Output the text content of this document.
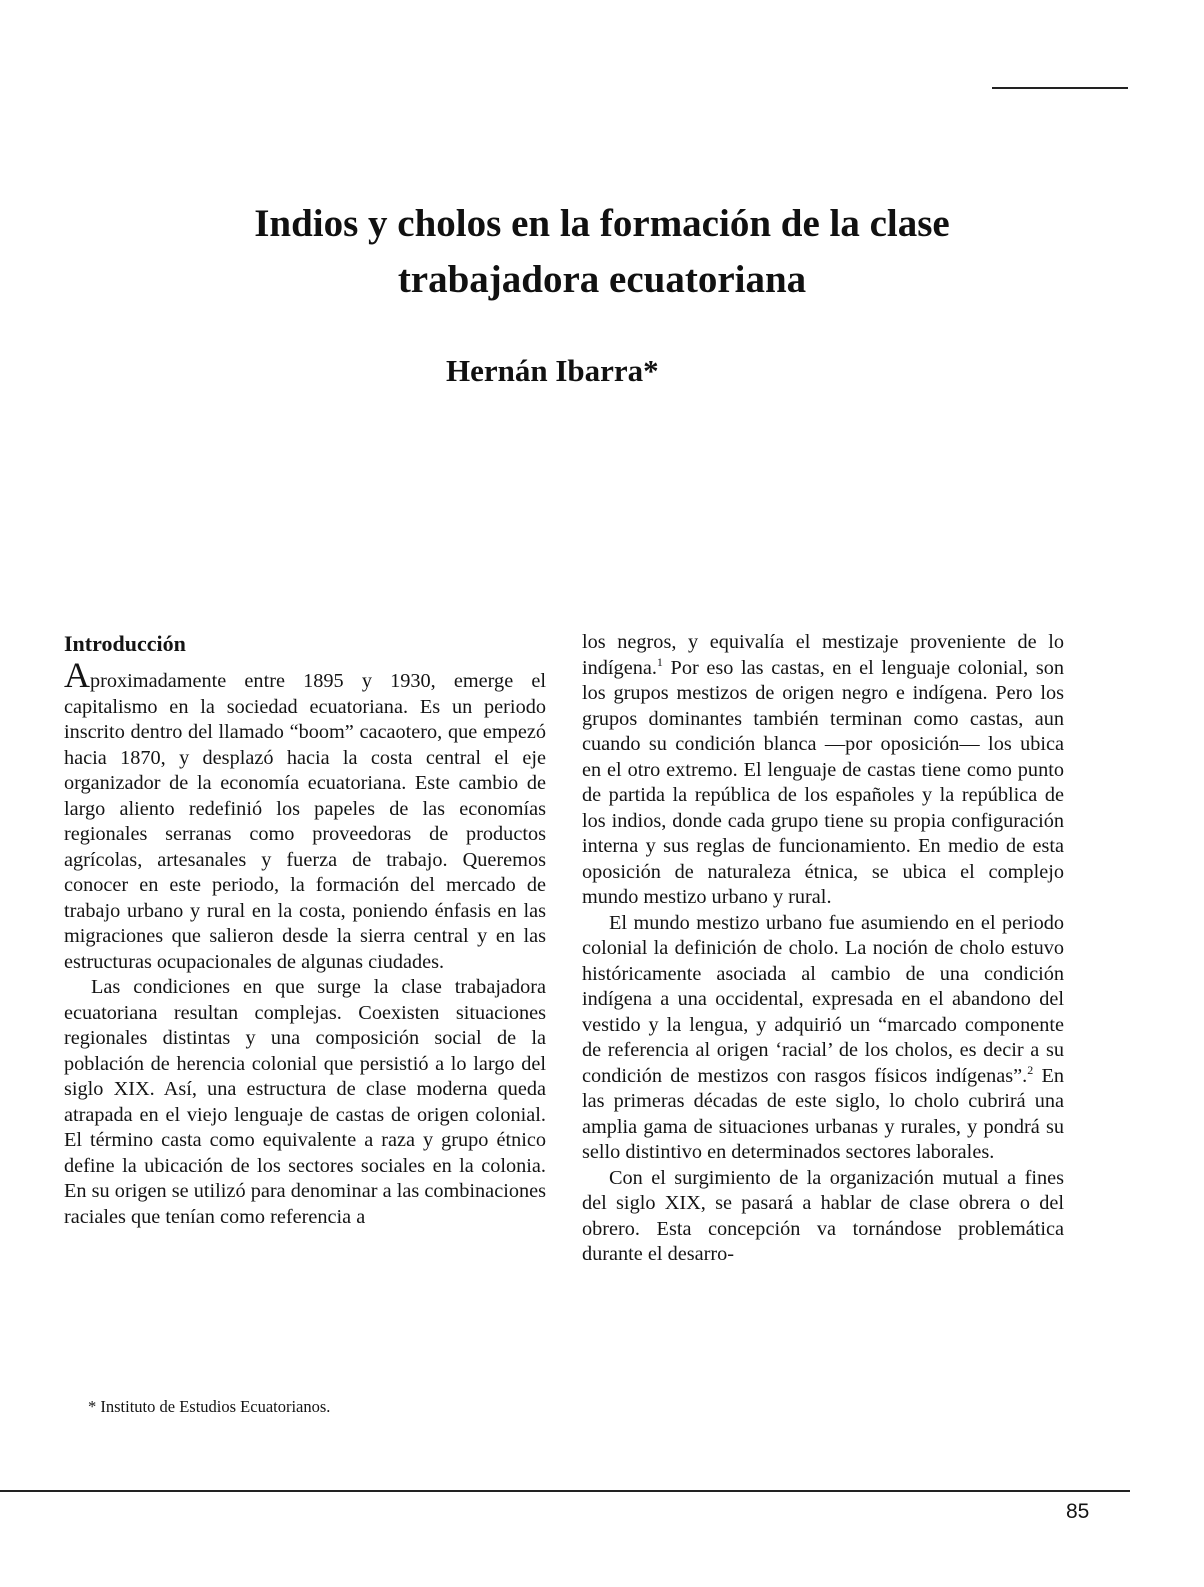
Indios y cholos en la formación de la clase
trabajadora ecuatoriana
Hernán Ibarra*
Introducción

Aproximadamente entre 1895 y 1930, emerge el capitalismo en la sociedad ecuatoriana. Es un periodo inscrito dentro del llamado “boom” cacaotero, que empezó hacia 1870, y desplazó hacia la costa central el eje organizador de la economía ecuatoriana. Este cambio de largo aliento redefinió los papeles de las economías regionales serranas como proveedoras de productos agrícolas, artesanales y fuerza de trabajo. Queremos conocer en este periodo, la formación del mercado de trabajo urbano y rural en la costa, poniendo énfasis en las migraciones que salieron desde la sierra central y en las estructuras ocupacionales de algunas ciudades.

Las condiciones en que surge la clase trabajadora ecuatoriana resultan complejas. Coexisten situaciones regionales distintas y una composición social de la población de herencia colonial que persistió a lo largo del siglo XIX. Así, una estructura de clase moderna queda atrapada en el viejo lenguaje de castas de origen colonial. El término casta como equivalente a raza y grupo étnico define la ubicación de los sectores sociales en la colonia. En su origen se utilizó para denominar a las combinaciones raciales que tenían como referencia a

los negros, y equivalía el mestizaje proveniente de lo indígena.$^1$ Por eso las castas, en el lenguaje colonial, son los grupos mestizos de origen negro e indígena. Pero los grupos dominantes también terminan como castas, aun cuando su condición blanca —por oposición— los ubica en el otro extremo. El lenguaje de castas tiene como punto de partida la república de los españoles y la república de los indios, donde cada grupo tiene su propia configuración interna y sus reglas de funcionamiento. En medio de esta oposición de naturaleza étnica, se ubica el complejo mundo mestizo urbano y rural.

El mundo mestizo urbano fue asumiendo en el periodo colonial la definición de cholo. La noción de cholo estuvo históricamente asociada al cambio de una condición indígena a una occidental, expresada en el abandono del vestido y la lengua, y adquirió un “marcado componente de referencia al origen ‘racial’ de los cholos, es decir a su condición de mestizos con rasgos físicos indígenas”.$^2$ En las primeras décadas de este siglo, lo cholo cubrirá una amplia gama de situaciones urbanas y rurales, y pondrá su sello distintivo en determinados sectores laborales.

Con el surgimiento de la organización mutual a fines del siglo XIX, se pasará a hablar de clase obrera o del obrero. Esta concepción va tornándose problemática durante el desarro-

* Instituto de Estudios Ecuatorianos.
85
